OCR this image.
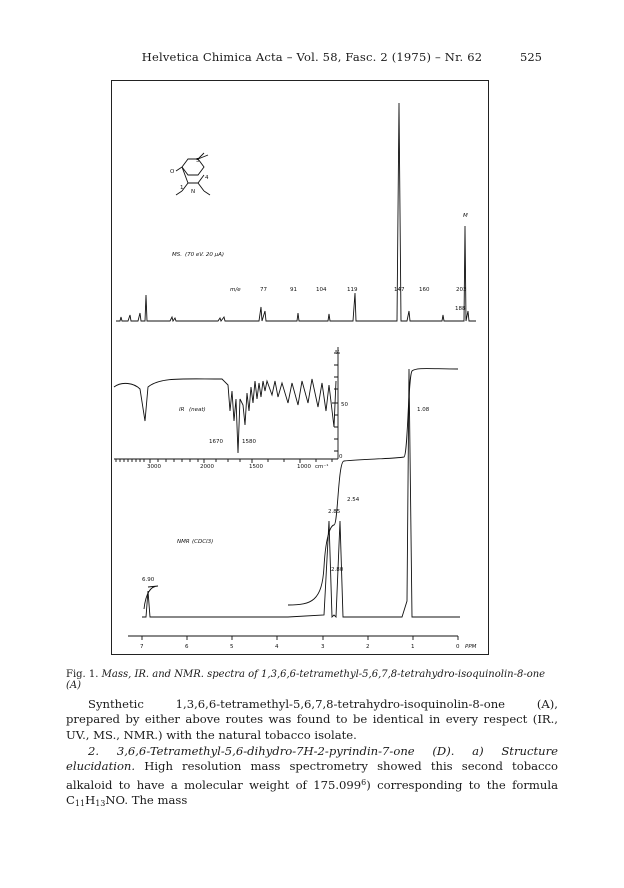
Helvetica Chimica Acta – Vol. 58, Fasc. 2 (1975) – Nr. 62	525
5
O
4
N
1
MS. (70 eV. 20 µA)
m/e	77	91	104	119	147	160	203
188
M
IR (neat)
1670	1580
3000	2000	1500	1000 cm⁻¹
%
50
0
NMR (CDCl3)
6.90
2.85
2.80
2.54
1.08
7	6	5	4	3	2	1	0 PPM
Fig. 1. Mass, IR. and NMR. spectra of 1,3,6,6-tetramethyl-5,6,7,8-tetrahydro-isoquinolin-8-one (A)
Synthetic 1,3,6,6-tetramethyl-5,6,7,8-tetrahydro-isoquinolin-8-one (A), prepared by either above routes was found to be identical in every respect (IR., UV., MS., NMR.) with the natural tobacco isolate.
2. 3,6,6-Tetramethyl-5,6-dihydro-7H-2-pyrindin-7-one (D). a) Structure elucidation. High resolution mass spectrometry showed this second tobacco alkaloid to have a molecular weight of 175.099$^6$) corresponding to the formula $C_{11}H_{13}NO$. The mass
